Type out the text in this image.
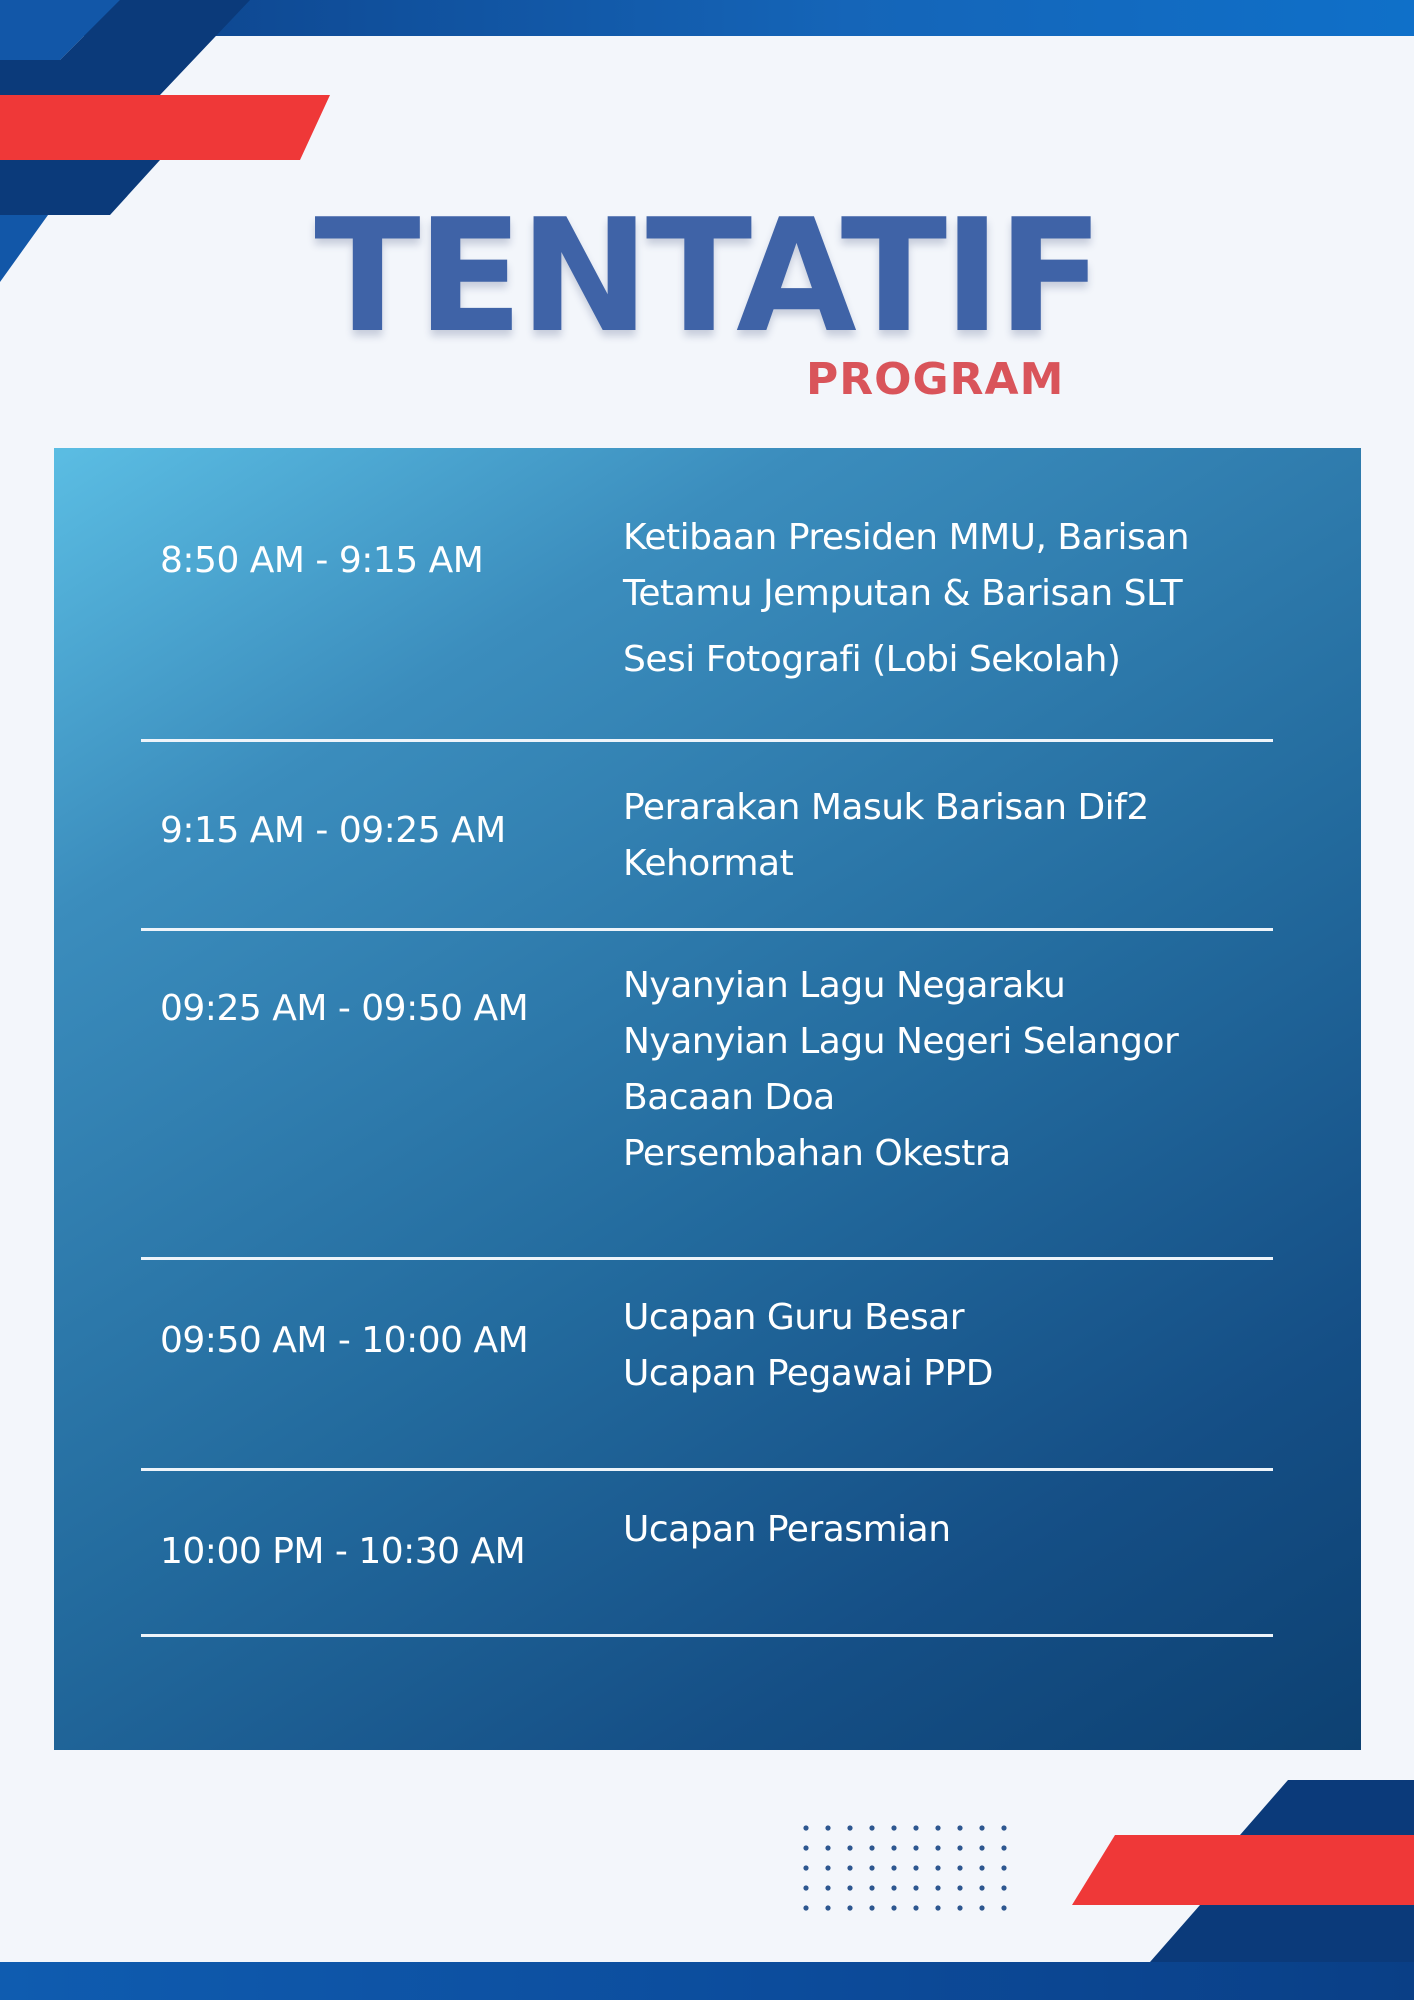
TENTATIF
PROGRAM

8:50 AM - 9:15 AM

Ketibaan Presiden MMU, Barisan
Tetamu Jemputan & Barisan SLT
Sesi Fotografi (Lobi Sekolah)

9:15 AM - 09:25 AM

Perarakan Masuk Barisan Dif2
Kehormat

09:25 AM - 09:50 AM

Nyanyian Lagu Negaraku
Nyanyian Lagu Negeri Selangor
Bacaan Doa
Persembahan Okestra

09:50 AM - 10:00 AM

Ucapan Guru Besar
Ucapan Pegawai PPD

10:00 PM - 10:30 AM

Ucapan Perasmian
